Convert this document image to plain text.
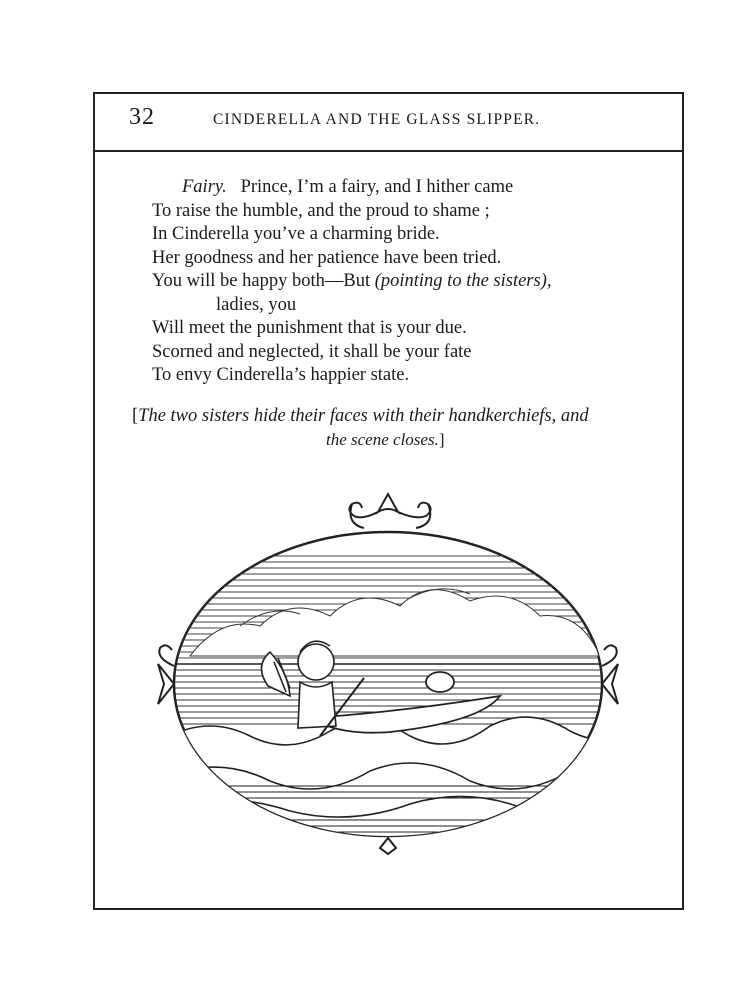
32	CINDERELLA AND THE GLASS SLIPPER.
Fairy. Prince, I’m a fairy, and I hither came
To raise the humble, and the proud to shame ;
In Cinderella you’ve a charming bride.
Her goodness and her patience have been tried.
You will be happy both—But (pointing to the sisters),
ladies, you
Will meet the punishment that is your due.
Scorned and neglected, it shall be your fate
To envy Cinderella’s happier state.
[The two sisters hide their faces with their handkerchiefs, and
the scene closes.]
